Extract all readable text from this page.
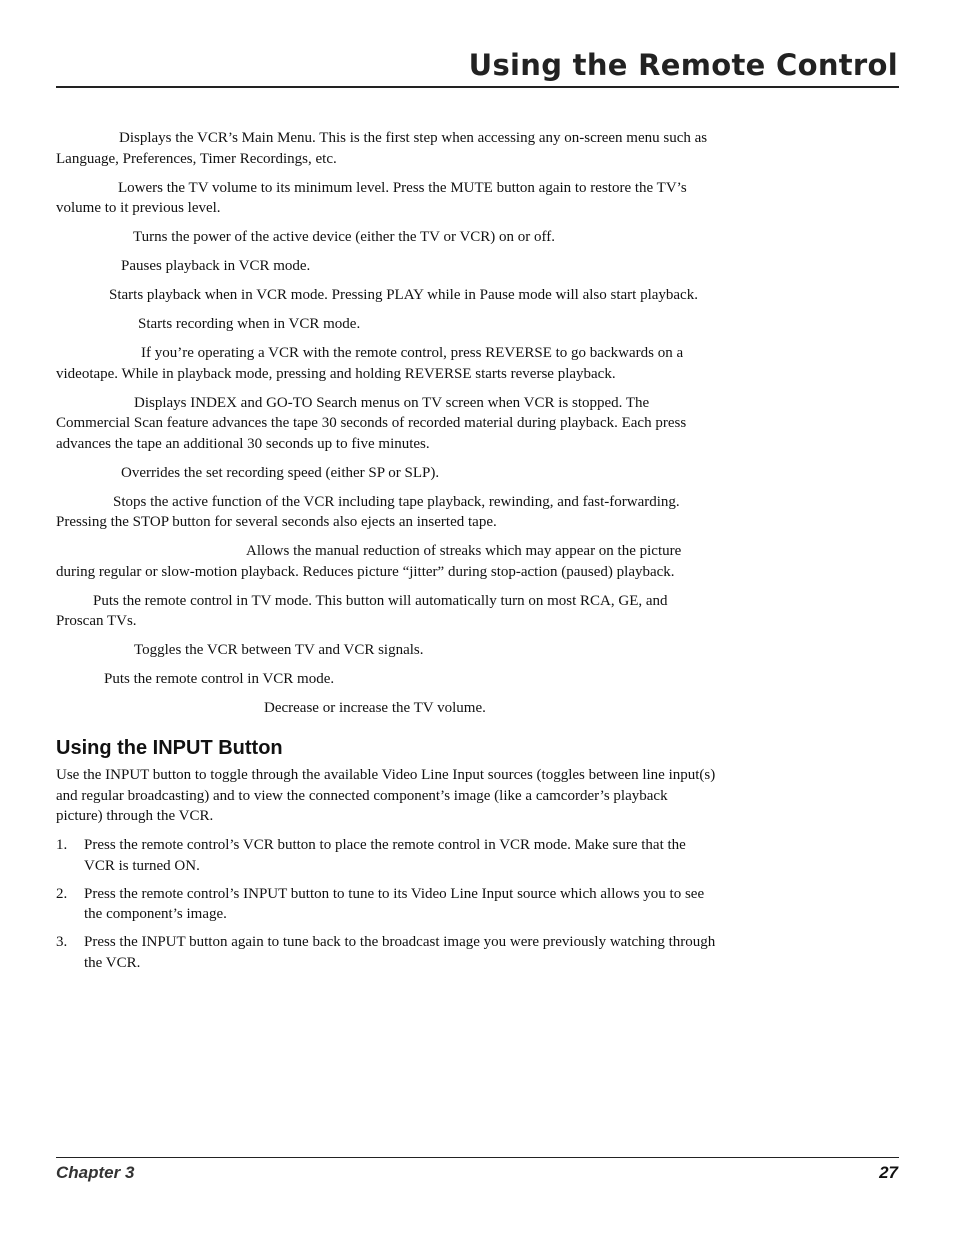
Using the Remote Control

Displays the VCR’s Main Menu. This is the first step when accessing any on-screen menu such as Language, Preferences, Timer Recordings, etc.

Lowers the TV volume to its minimum level. Press the MUTE button again to restore the TV’s volume to it previous level.

Turns the power of the active device (either the TV or VCR) on or off.

Pauses playback in VCR mode.

Starts playback when in VCR mode. Pressing PLAY while in Pause mode will also start playback.

Starts recording when in VCR mode.

If you’re operating a VCR with the remote control, press REVERSE to go backwards on a videotape. While in playback mode, pressing and holding REVERSE starts reverse playback.

Displays INDEX and GO-TO Search menus on TV screen when VCR is stopped. The Commercial Scan feature advances the tape 30 seconds of recorded material during playback. Each press advances the tape an additional 30 seconds up to five minutes.

Overrides the set recording speed (either SP or SLP).

Stops the active function of the VCR including tape playback, rewinding, and fast-forwarding. Pressing the STOP button for several seconds also ejects an inserted tape.

Allows the manual reduction of streaks which may appear on the picture during regular or slow-motion playback. Reduces picture “jitter” during stop-action (paused) playback.

Puts the remote control in TV mode. This button will automatically turn on most RCA, GE, and Proscan TVs.

Toggles the VCR between TV and VCR signals.

Puts the remote control in VCR mode.

Decrease or increase the TV volume.

Using the INPUT Button

Use the INPUT button to toggle through the available Video Line Input sources (toggles between line input(s) and regular broadcasting) and to view the connected component’s image (like a camcorder’s playback picture) through the VCR.

1. Press the remote control’s VCR button to place the remote control in VCR mode. Make sure that the VCR is turned ON.
2. Press the remote control’s INPUT button to tune to its Video Line Input source which allows you to see the component’s image.
3. Press the INPUT button again to tune back to the broadcast image you were previously watching through the VCR.
Chapter 3	27
